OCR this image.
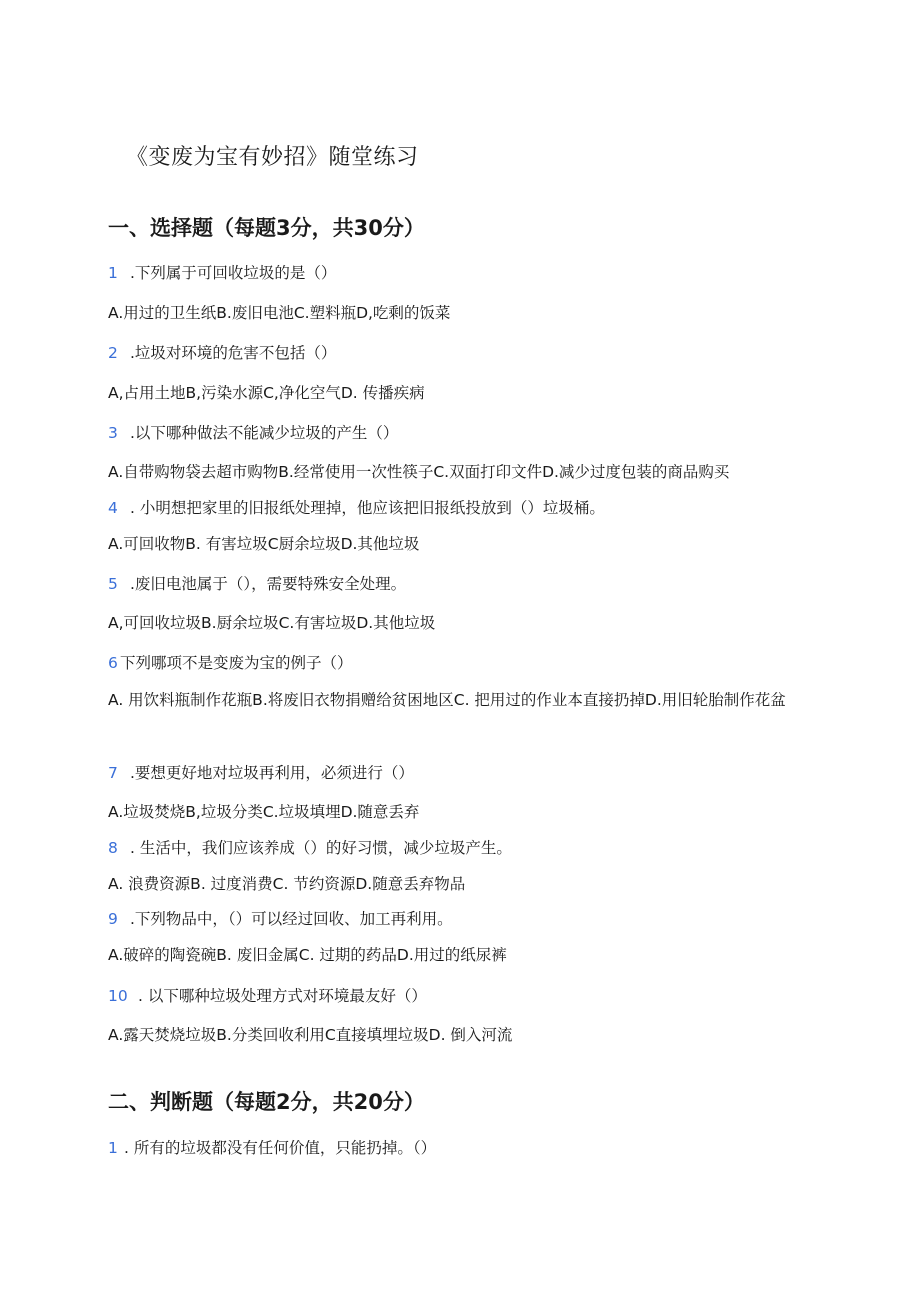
《变废为宝有妙招》随堂练习
一、选择题（每题3分，共30分）
1 .下列属于可回收垃圾的是（）
A.用过的卫生纸B.废旧电池C.塑料瓶D,吃剩的饭菜
2 .垃圾对环境的危害不包括（）
A,占用土地B,污染水源C,净化空气D. 传播疾病
3 .以下哪种做法不能减少垃圾的产生（）
A.自带购物袋去超市购物B.经常使用一次性筷子C.双面打印文件D.减少过度包装的商品购买
4 . 小明想把家里的旧报纸处理掉，他应该把旧报纸投放到（）垃圾桶。
A.可回收物B. 有害垃圾C厨余垃圾D.其他垃圾
5 .废旧电池属于（），需要特殊安全处理。
A,可回收垃圾B.厨余垃圾C.有害垃圾D.其他垃圾
6 下列哪项不是变废为宝的例子（）
A. 用饮料瓶制作花瓶B.将废旧衣物捐赠给贫困地区C. 把用过的作业本直接扔掉D.用旧轮胎制作花盆
7 .要想更好地对垃圾再利用，必须进行（）
A.垃圾焚烧B,垃圾分类C.垃圾填埋D.随意丢弃
8 . 生活中，我们应该养成（）的好习惯，减少垃圾产生。
A. 浪费资源B. 过度消费C. 节约资源D.随意丢弃物品
9 .下列物品中，（）可以经过回收、加工再利用。
A.破碎的陶瓷碗B. 废旧金属C. 过期的药品D.用过的纸尿裤
10 . 以下哪种垃圾处理方式对环境最友好（）
A.露天焚烧垃圾B.分类回收利用C直接填埋垃圾D. 倒入河流
二、判断题（每题2分，共20分）
1 . 所有的垃圾都没有任何价值，只能扔掉。（）
